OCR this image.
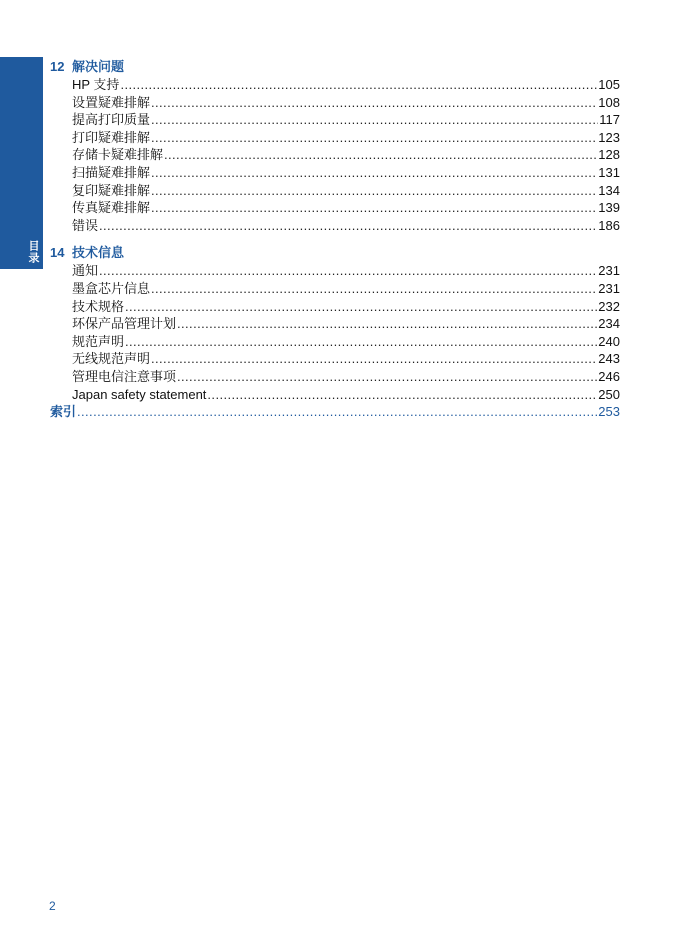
目录
12 解决问题
HP 支持 .....	105
设置疑难排解 .....	108
提高打印质量 .....	117
打印疑难排解 .....	123
存储卡疑难排解 .....	128
扫描疑难排解 .....	131
复印疑难排解 .....	134
传真疑难排解 .....	139
错误 .....	186
14 技术信息
通知 .....	231
墨盒芯片信息 .....	231
技术规格 .....	232
环保产品管理计划 .....	234
规范声明 .....	240
无线规范声明 .....	243
管理电信注意事项 .....	246
Japan safety statement .....	250
索引 .....	253
2
